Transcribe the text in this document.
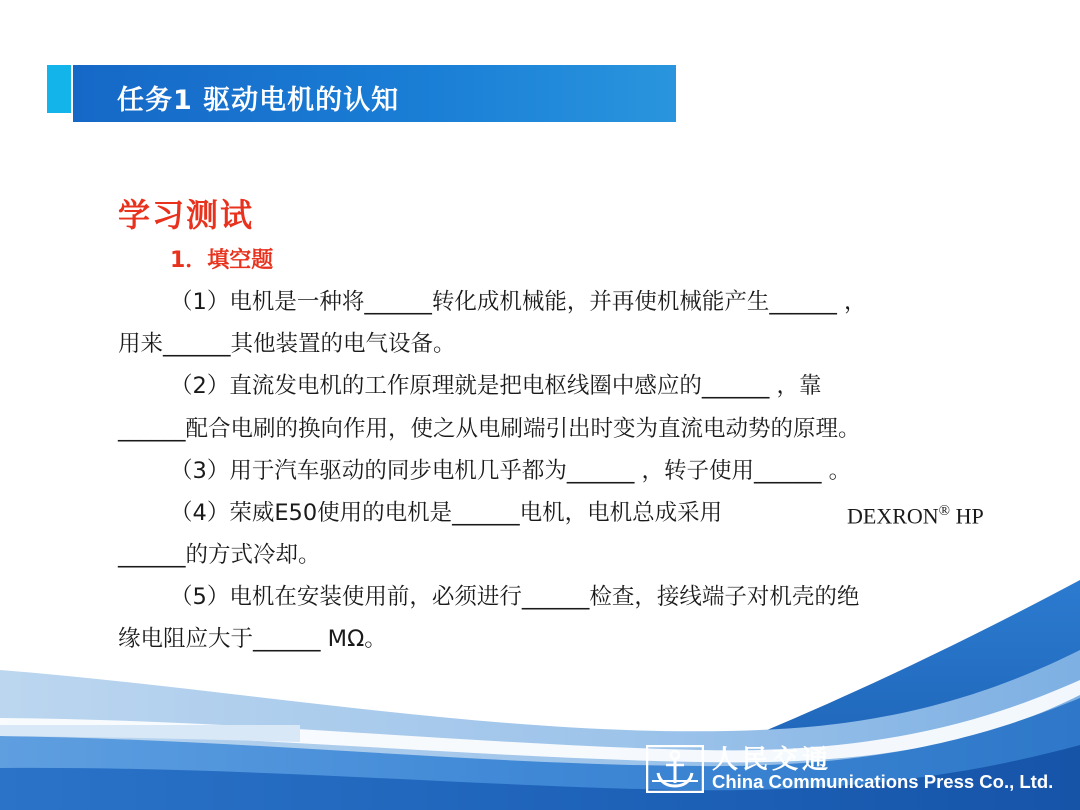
任务1 驱动电机的认知
学习测试
1．填空题
（1）电机是一种将______转化成机械能，并再使机械能产生______ ，
用来______其他装置的电气设备。
（2）直流发电机的工作原理就是把电枢线圈中感应的______ ，靠
______配合电刷的换向作用，使之从电刷端引出时变为直流电动势的原理。
（3）用于汽车驱动的同步电机几乎都为______ ，转子使用______ 。
（4）荣威E50使用的电机是______电机，电机总成采用	DEXRON® HP
______的方式冷却。
（5）电机在安装使用前，必须进行______检查，接线端子对机壳的绝
缘电阻应大于______ MΩ。
人民交通
China Communications Press Co., Ltd.
